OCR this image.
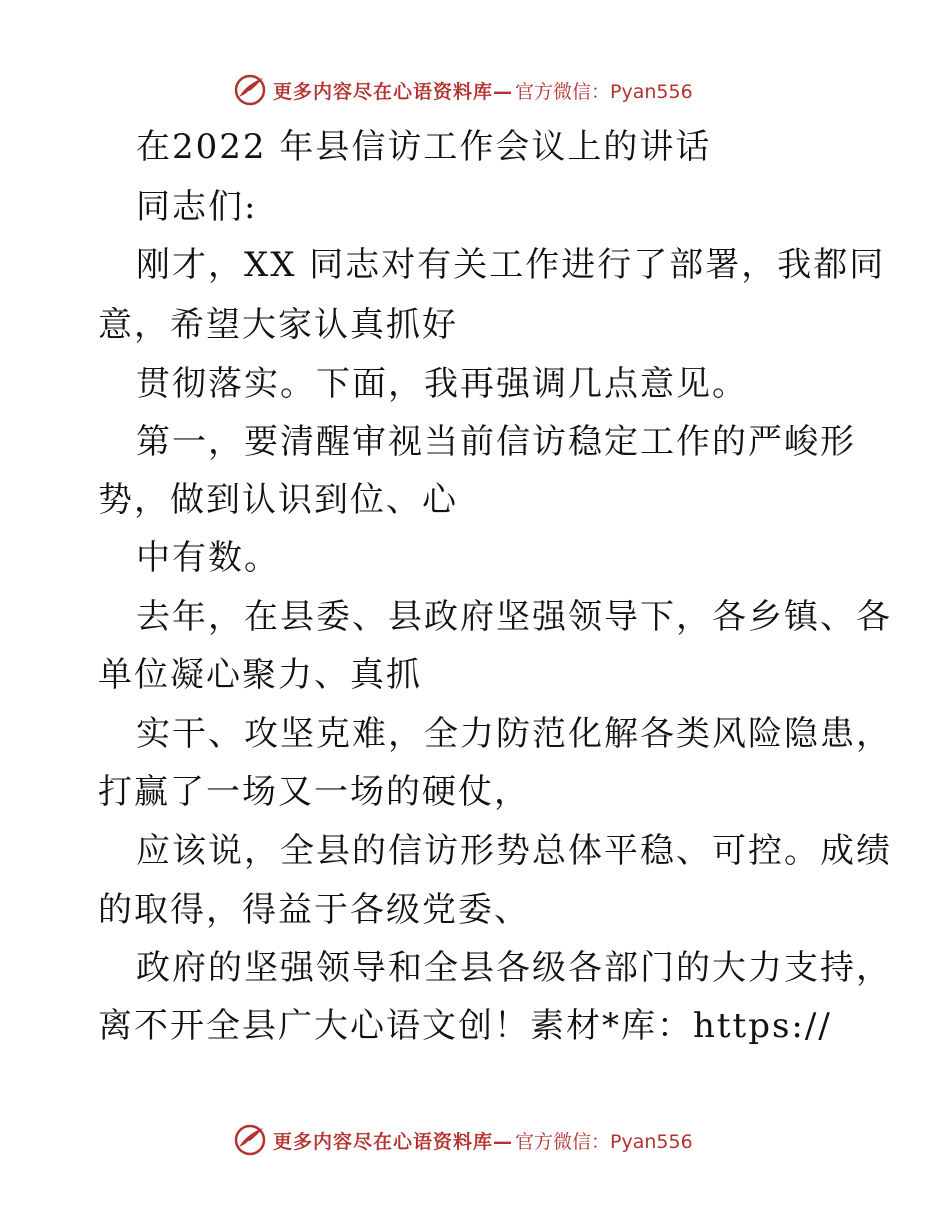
更多内容尽在心语资料库— 官方微信：Pyan556
在2022 年县信访工作会议上的讲话
同志们:
刚才，XX 同志对有关工作进行了部署，我都同
意，希望大家认真抓好
贯彻落实。下面，我再强调几点意见。
第一，要清醒审视当前信访稳定工作的严峻形
势，做到认识到位、心
中有数。
去年，在县委、县政府坚强领导下，各乡镇、各
单位凝心聚力、真抓
实干、攻坚克难，全力防范化解各类风险隐患，
打赢了一场又一场的硬仗，
应该说，全县的信访形势总体平稳、可控。成绩
的取得，得益于各级党委、
政府的坚强领导和全县各级各部门的大力支持，
离不开全县广大心语文创！素材*库：https://
更多内容尽在心语资料库— 官方微信：Pyan556
